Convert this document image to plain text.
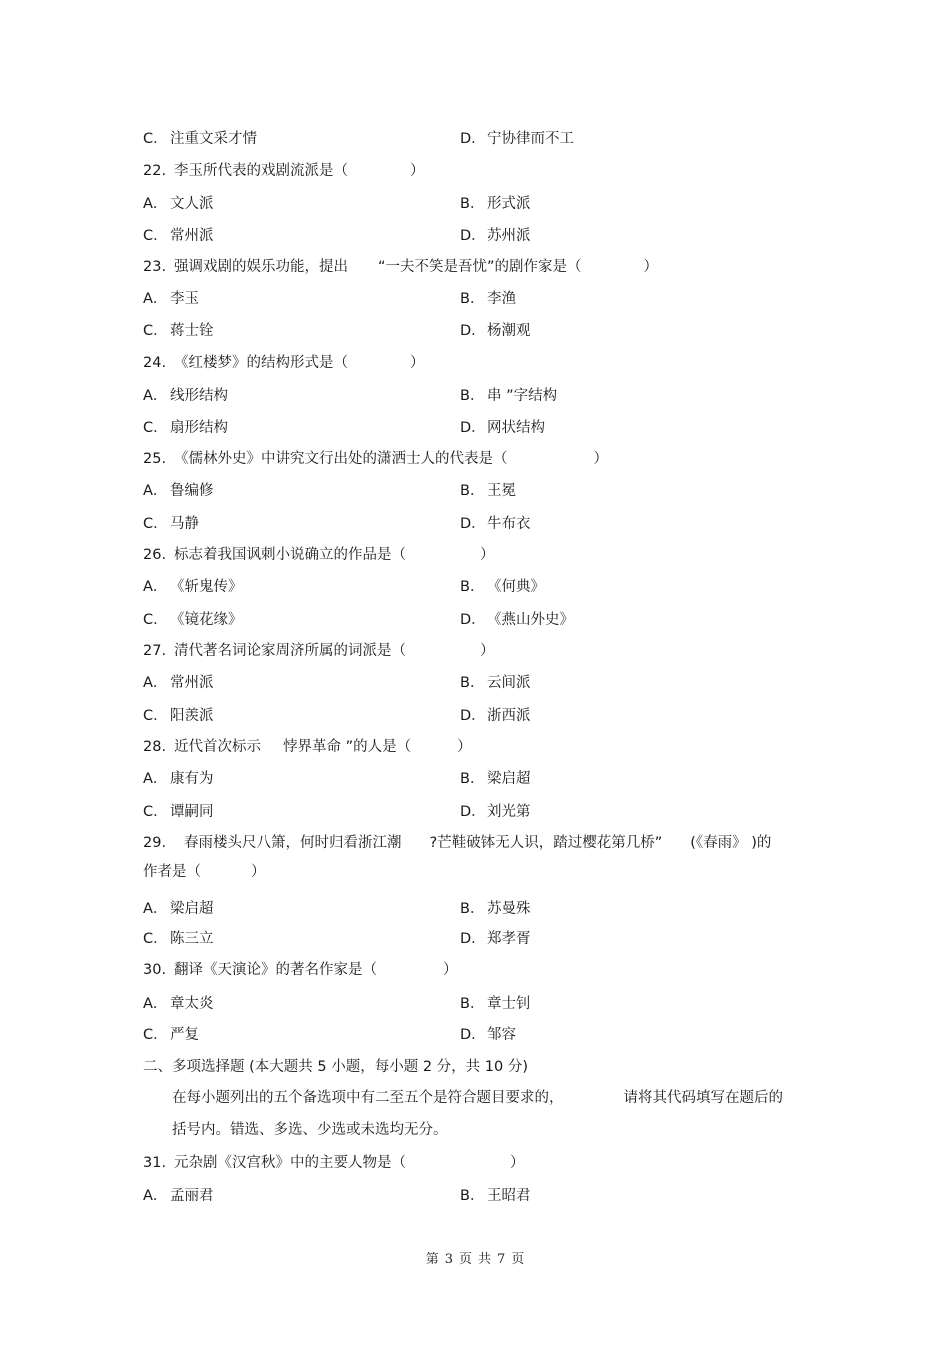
C． 注重文采才情	D．宁协律而不工
22. 李玉所代表的戏剧流派是（	）
A． 文人派	B． 形式派
C． 常州派	D．苏州派
23. 强调戏剧的娱乐功能，提出 “一夫不笑是吾忧”的剧作家是（	）
A． 李玉	B． 李渔
C． 蒋士铨	D．杨潮观
24. 《红楼梦》的结构形式是（	）
A． 线形结构	B． 串 ”字结构
C． 扇形结构	D．网状结构
25. 《儒林外史》中讲究文行出处的潇洒士人的代表是（	）
A． 鲁编修	B． 王冕
C． 马静	D．牛布衣
26. 标志着我国讽刺小说确立的作品是（	）
A． 《斩鬼传》	B． 《何典》
C． 《镜花缘》	D．《燕山外史》
27. 清代著名词论家周济所属的词派是（	）
A． 常州派	B． 云间派
C． 阳羡派	D．浙西派
28. 近代首次标示 悖界革命 ”的人是（	）
A． 康有为	B． 梁启超
C． 谭嗣同	D．刘光第
29. 春雨楼头尺八箫，何时归看浙江潮 ?芒鞋破钵无人识，踏过樱花第几桥” (《春雨》 )的
作者是（	）
A． 梁启超	B． 苏曼殊
C． 陈三立	D．郑孝胥
30. 翻译《天演论》的著名作家是（	）
A． 章太炎	B． 章士钊
C． 严复	D．邹容
二、多项选择题 (本大题共 5 小题，每小题 2 分，共 10 分)
在每小题列出的五个备选项中有二至五个是符合题目要求的，	请将其代码填写在题后的
括号内。错选、多选、少选或未选均无分。
31. 元杂剧《汉宫秋》中的主要人物是（	）
A． 孟丽君	B． 王昭君
第 3 页 共 7 页
